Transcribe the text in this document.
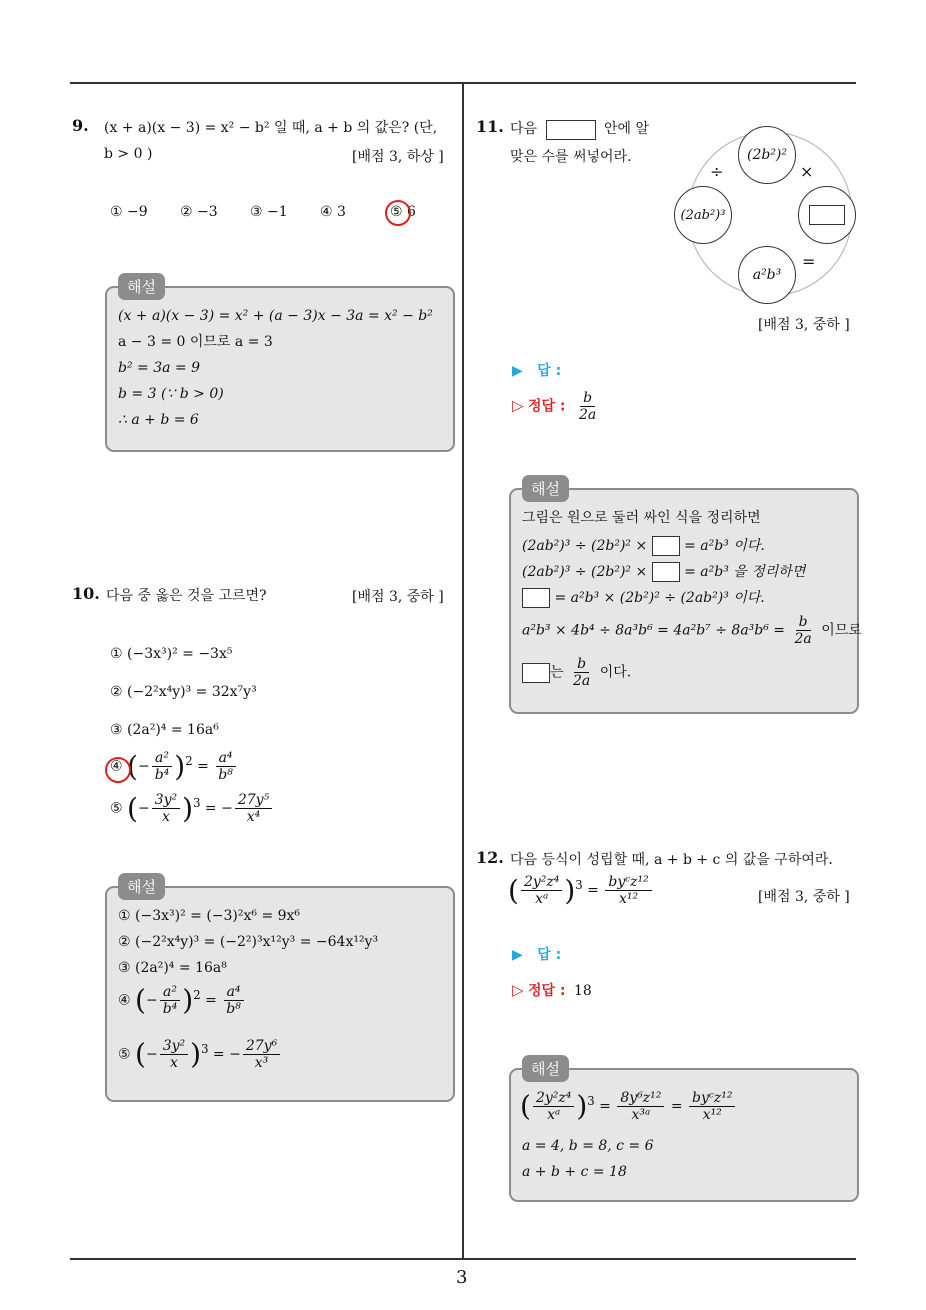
3
9. (x + a)(x − 3) = x² − b² 일 때, a + b 의 값은? (단,
b > 0 )	[배점 3, 하상 ]
① −9 ② −3 ③ −1 ④ 3	⑤ 6
해설
(x + a)(x − 3) = x² + (a − 3)x − 3a = x² − b²
a − 3 = 0 이므로 a = 3
b² = 3a = 9
b = 3 (∵ b > 0)
∴ a + b = 6
10. 다음 중 옳은 것을 고르면?	[배점 3, 중하 ]
① (−3x³)² = −3x⁵
② (−2²x⁴y)³ = 32x⁷y³
③ (2a²)⁴ = 16a⁶
④ (− $\frac{\text{a²}}{\text{b⁴}} )^2 = \frac{\text{a⁴}}{\text{b⁸}}$
⑤ (− $\frac{\text{3y²}}{x} )^3$ = − $\frac{\text{27y⁵}}{\text{x⁴}}$
해설
① (−3x³)² = (−3)²x⁶ = 9x⁶
② (−2²x⁴y)³ = (−2²)³x¹²y³ = −64x¹²y³
③ (2a²)⁴ = 16a⁸
④ (− $\frac{\text{a²}}{\text{b⁴}} )^2 = \frac{\text{a⁴}}{\text{b⁸}}$
⑤ (− $\frac{\text{3y²}}{x} )^3$ = − $\frac{\text{27y⁶}}{\text{x³}}$
11. 다음	안에 알
맞은 수를 써넣어라.	(2b²)²
(2ab²)³
a²b³
÷	×
=
[배점 3, 중하 ]
▶ 답 :
▷ 정답 : $\frac{b}{2a}$
해설
그림은 원으로 둘러 싸인 식을 정리하면
(2ab²)³ ÷ (2b²)² ×	= a²b³ 이다.
(2ab²)³ ÷ (2b²)² ×	= a²b³ 을 정리하면
= a²b³ × (2b²)² ÷ (2ab²)³ 이다.
$a^2b^3 \times 4b^4 \div 8a^3b^6 = 4a^2b^7 \div 8a^3b^6 = \frac{b}{2a}$ 이므로
는 $\frac{b}{2a}$ 이다.
12. 다음 등식이 성립할 때, a + b + c 의 값을 구하여라.
( $\frac{\text{2y²z⁴}}{\text{xᵃ}} )^3 = \frac{\text{byᶜz¹²}}{\text{x¹²}}$	[배점 3, 중하 ]
▶ 답 :
▷ 정답 : 18
해설
( $\frac{\text{2y²z⁴}}{\text{xᵃ}} )^3 = \frac{\text{8y⁶z¹²}}{\text{x³ᵃ}} = \frac{\text{byᶜz¹²}}{\text{x¹²}}$
a = 4, b = 8, c = 6
a + b + c = 18
